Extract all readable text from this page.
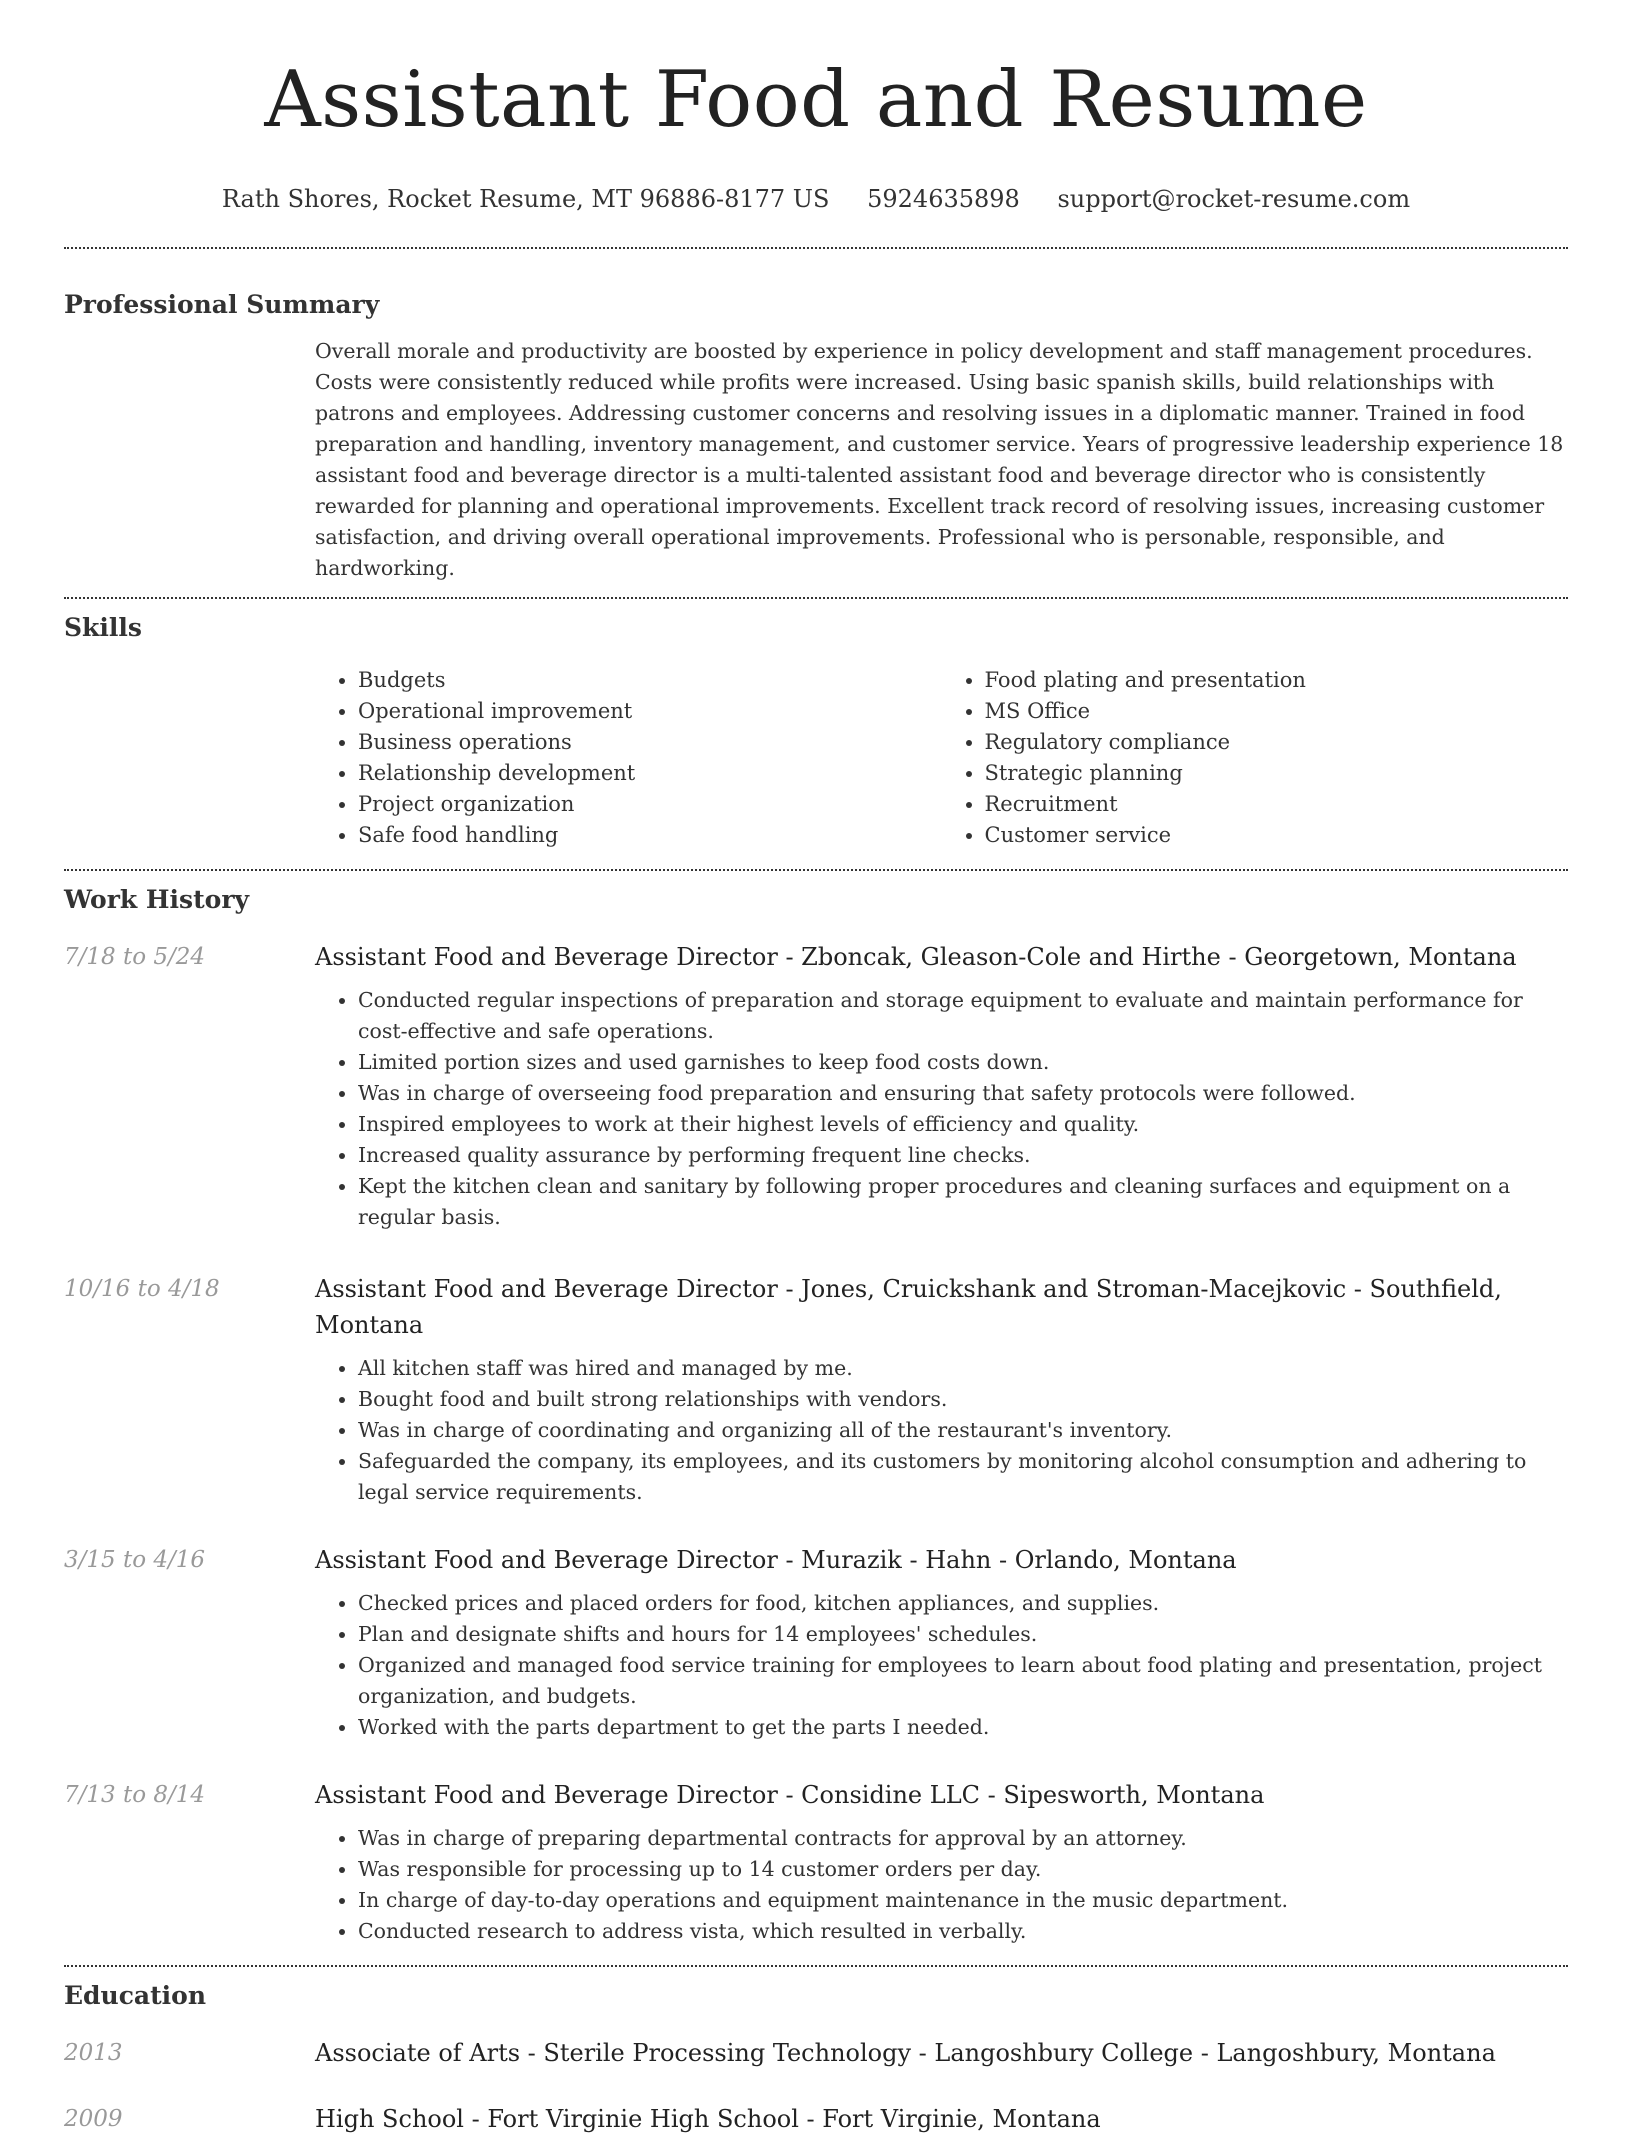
Assistant Food and Resume
Rath Shores, Rocket Resume, MT 96886-8177 US 5924635898 support@rocket-resume.com
Professional Summary
Overall morale and productivity are boosted by experience in policy development and staff management procedures. Costs were consistently reduced while profits were increased. Using basic spanish skills, build relationships with patrons and employees. Addressing customer concerns and resolving issues in a diplomatic manner. Trained in food preparation and handling, inventory management, and customer service. Years of progressive leadership experience 18 assistant food and beverage director is a multi-talented assistant food and beverage director who is consistently rewarded for planning and operational improvements. Excellent track record of resolving issues, increasing customer satisfaction, and driving overall operational improvements. Professional who is personable, responsible, and hardworking.
Skills
• Budgets
• Operational improvement
• Business operations
• Relationship development
• Project organization
• Safe food handling
• Food plating and presentation
• MS Office
• Regulatory compliance
• Strategic planning
• Recruitment
• Customer service
Work History
7/18 to 5/24	Assistant Food and Beverage Director - Zboncak, Gleason-Cole and Hirthe - Georgetown, Montana
• Conducted regular inspections of preparation and storage equipment to evaluate and maintain performance for cost-effective and safe operations.
• Limited portion sizes and used garnishes to keep food costs down.
• Was in charge of overseeing food preparation and ensuring that safety protocols were followed.
• Inspired employees to work at their highest levels of efficiency and quality.
• Increased quality assurance by performing frequent line checks.
• Kept the kitchen clean and sanitary by following proper procedures and cleaning surfaces and equipment on a regular basis.
10/16 to 4/18	Assistant Food and Beverage Director - Jones, Cruickshank and Stroman-Macejkovic - Southfield, Montana
• All kitchen staff was hired and managed by me.
• Bought food and built strong relationships with vendors.
• Was in charge of coordinating and organizing all of the restaurant's inventory.
• Safeguarded the company, its employees, and its customers by monitoring alcohol consumption and adhering to legal service requirements.
3/15 to 4/16	Assistant Food and Beverage Director - Murazik - Hahn - Orlando, Montana
• Checked prices and placed orders for food, kitchen appliances, and supplies.
• Plan and designate shifts and hours for 14 employees' schedules.
• Organized and managed food service training for employees to learn about food plating and presentation, project organization, and budgets.
• Worked with the parts department to get the parts I needed.
7/13 to 8/14	Assistant Food and Beverage Director - Considine LLC - Sipesworth, Montana
• Was in charge of preparing departmental contracts for approval by an attorney.
• Was responsible for processing up to 14 customer orders per day.
• In charge of day-to-day operations and equipment maintenance in the music department.
• Conducted research to address vista, which resulted in verbally.
Education
2013	Associate of Arts - Sterile Processing Technology - Langoshbury College - Langoshbury, Montana
2009	High School - Fort Virginie High School - Fort Virginie, Montana
